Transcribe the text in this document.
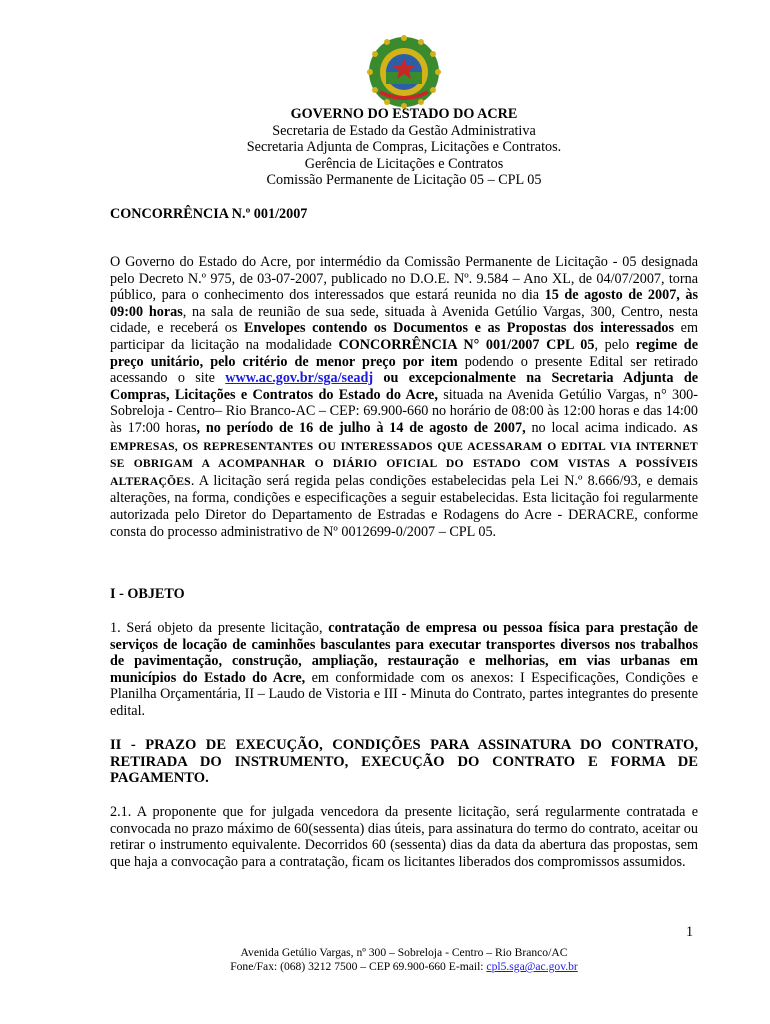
GOVERNO DO ESTADO DO ACRE
Secretaria de Estado da Gestão Administrativa
Secretaria Adjunta de Compras, Licitações e Contratos.
Gerência de Licitações e Contratos
Comissão Permanente de Licitação 05 – CPL 05
CONCORRÊNCIA N.º 001/2007
O Governo do Estado do Acre, por intermédio da Comissão Permanente de Licitação - 05 designada pelo Decreto N.º 975, de 03-07-2007, publicado no D.O.E. Nº. 9.584 – Ano XL, de 04/07/2007, torna público, para o conhecimento dos interessados que estará reunida no dia 15 de agosto de 2007, às 09:00 horas, na sala de reunião de sua sede, situada à Avenida Getúlio Vargas, 300, Centro, nesta cidade, e receberá os Envelopes contendo os Documentos e as Propostas dos interessados em participar da licitação na modalidade CONCORRÊNCIA N° 001/2007 CPL 05, pelo regime de preço unitário, pelo critério de menor preço por item podendo o presente Edital ser retirado acessando o site www.ac.gov.br/sga/seadj ou excepcionalmente na Secretaria Adjunta de Compras, Licitações e Contratos do Estado do Acre, situada na Avenida Getúlio Vargas, n° 300-Sobreloja - Centro– Rio Branco-AC – CEP: 69.900-660 no horário de 08:00 às 12:00 horas e das 14:00 às 17:00 horas, no período de 16 de julho à 14 de agosto de 2007, no local acima indicado. AS EMPRESAS, OS REPRESENTANTES OU INTERESSADOS QUE ACESSARAM O EDITAL VIA INTERNET SE OBRIGAM A ACOMPANHAR O DIÁRIO OFICIAL DO ESTADO COM VISTAS A POSSÍVEIS ALTERAÇÕES. A licitação será regida pelas condições estabelecidas pela Lei N.º 8.666/93, e demais alterações, na forma, condições e especificações a seguir estabelecidas. Esta licitação foi regularmente autorizada pelo Diretor do Departamento de Estradas e Rodagens do Acre - DERACRE, conforme consta do processo administrativo de Nº 0012699-0/2007 – CPL 05.
I - OBJETO
1. Será objeto da presente licitação, contratação de empresa ou pessoa física para prestação de serviços de locação de caminhões basculantes para executar transportes diversos nos trabalhos de pavimentação, construção, ampliação, restauração e melhorias, em vias urbanas em municípios do Estado do Acre, em conformidade com os anexos: I Especificações, Condições e Planilha Orçamentária, II – Laudo de Vistoria e III - Minuta do Contrato, partes integrantes do presente edital.
II - PRAZO DE EXECUÇÃO, CONDIÇÕES PARA ASSINATURA DO CONTRATO, RETIRADA DO INSTRUMENTO, EXECUÇÃO DO CONTRATO E FORMA DE PAGAMENTO.
2.1. A proponente que for julgada vencedora da presente licitação, será regularmente contratada e convocada no prazo máximo de 60(sessenta) dias úteis, para assinatura do termo do contrato, aceitar ou retirar o instrumento equivalente. Decorridos 60 (sessenta) dias da data da abertura das propostas, sem que haja a convocação para a contratação, ficam os licitantes liberados dos compromissos assumidos.
1
Avenida Getúlio Vargas, nº 300 – Sobreloja - Centro – Rio Branco/AC
Fone/Fax: (068) 3212 7500 – CEP 69.900-660 E-mail: cpl5.sga@ac.gov.br
